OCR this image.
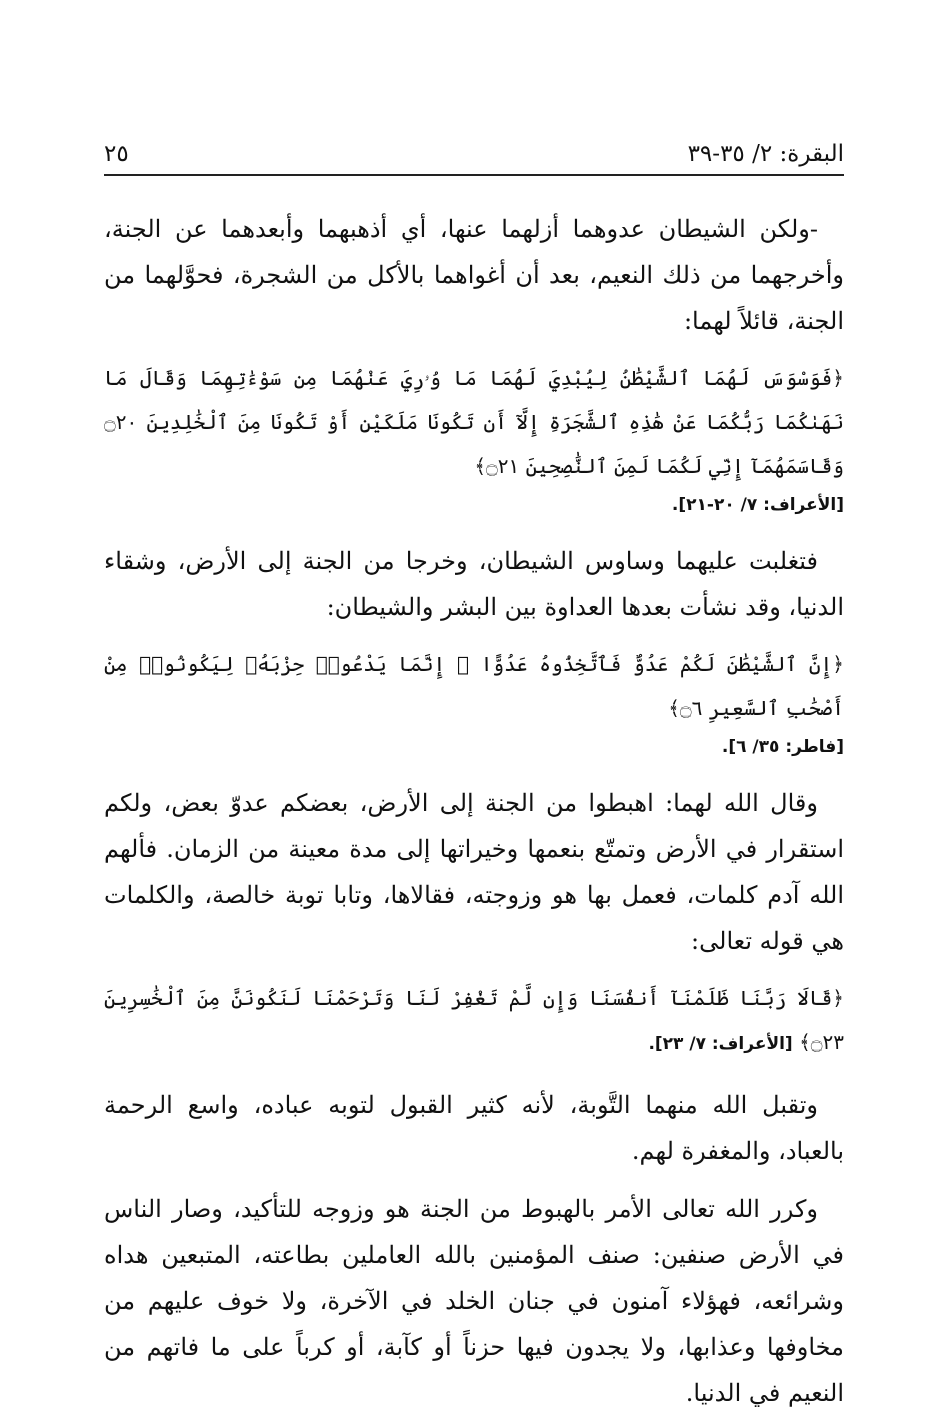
البقرة: ٢/ ٣٥-٣٩
٢٥

-ولكن الشيطان عدوهما أزلهما عنها، أي أذهبهما وأبعدهما عن الجنة، وأخرجهما من ذلك النعيم، بعد أن أغواهما بالأكل من الشجرة، فحوَّلهما من الجنة، قائلاً لهما:

﴿فَوَسْوَسَ لَهُمَا ٱلشَّيْطَٰنُ لِيُبْدِيَ لَهُمَا مَا وُۥرِيَ عَنْهُمَا مِن سَوْءَٰتِهِمَا وَقَالَ مَا نَهَىٰكُمَا رَبُّكُمَا عَنْ هَٰذِهِ ٱلشَّجَرَةِ إِلَّآ أَن تَكُونَا مَلَكَيْنِ أَوْ تَكُونَا مِنَ ٱلْخَٰلِدِينَ ۝٢٠ وَقَاسَمَهُمَآ إِنِّي لَكُمَا لَمِنَ ٱلنَّٰصِحِينَ ۝٢١﴾

[الأعراف: ٧/ ٢٠-٢١].

فتغلبت عليهما وساوس الشيطان، وخرجا من الجنة إلى الأرض، وشقاء الدنيا، وقد نشأت بعدها العداوة بين البشر والشيطان:

﴿إِنَّ ٱلشَّيْطَٰنَ لَكُمْ عَدُوٌّ فَٱتَّخِذُوهُ عَدُوًّا ۚ إِنَّمَا يَدْعُوا۟ حِزْبَهُۥ لِيَكُونُوا۟ مِنْ أَصْحَٰبِ ٱلسَّعِيرِ ۝٦﴾

[فاطر: ٣٥/ ٦].

وقال الله لهما: اهبطوا من الجنة إلى الأرض، بعضكم عدوّ بعض، ولكم استقرار في الأرض وتمتّع بنعمها وخيراتها إلى مدة معينة من الزمان. فألهم الله آدم كلمات، فعمل بها هو وزوجته، فقالاها، وتابا توبة خالصة، والكلمات هي قوله تعالى:

﴿قَالَا رَبَّنَا ظَلَمْنَآ أَنفُسَنَا وَإِن لَّمْ تَغْفِرْ لَنَا وَتَرْحَمْنَا لَنَكُونَنَّ مِنَ ٱلْخَٰسِرِينَ ۝٢٣﴾ [الأعراف: ٧/ ٢٣].

وتقبل الله منهما التَّوبة، لأنه كثير القبول لتوبه عباده، واسع الرحمة بالعباد، والمغفرة لهم.

وكرر الله تعالى الأمر بالهبوط من الجنة هو وزوجه للتأكيد، وصار الناس في الأرض صنفين: صنف المؤمنين بالله العاملين بطاعته، المتبعين هداه وشرائعه، فهؤلاء آمنون في جنان الخلد في الآخرة، ولا خوف عليهم من مخاوفها وعذابها، ولا يجدون فيها حزناً أو كآبة، أو كرباً على ما فاتهم من النعيم في الدنيا.
